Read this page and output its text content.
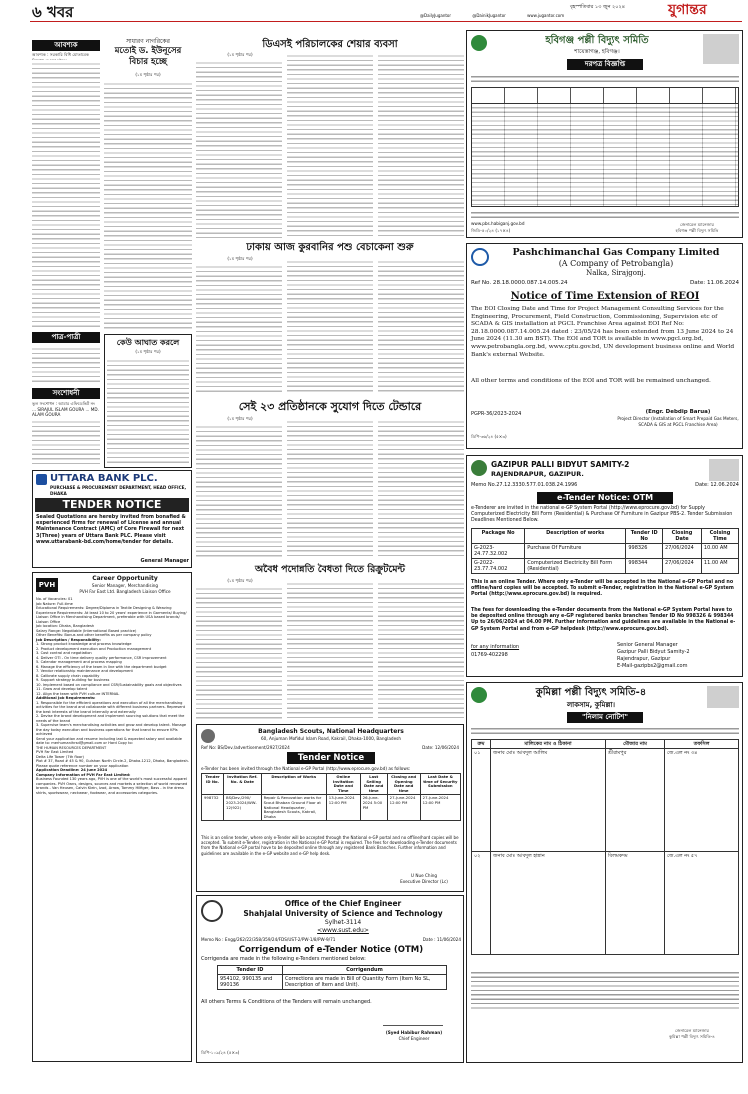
৬ খবর	বৃহস্পতিবার ১৩ জুন ২০২৪	যুগান্তর
@DailyJugantor	@DainikJugantor	www.jugantor.com
আবশ্যক
আবশ্যক : সরকারি বিধি মোতাবেক
পাত্র-পাত্রী
সংশোধনী
ভুল সংশোধন : আমার এফিডেভিট নং ... SIRAJUL ISLAM GOURA ... MD. ALAM GOURA
সাধারণ নাগরিকের
মতোই ড. ইউনূসের বিচার হচ্ছে
(১ম পৃষ্ঠার পর)
কেউ আঘাত করলে
(১ম পৃষ্ঠার পর)
ডিএসই পরিচালকের শেয়ার ব্যবসা
(১ম পৃষ্ঠার পর)
ঢাকায় আজ কুরবানির পশু বেচাকেনা শুরু
(১ম পৃষ্ঠার পর)
সেই ২৩ প্রতিষ্ঠানকে সুযোগ দিতে টেন্ডারে
(১ম পৃষ্ঠার পর)
অবৈধ পদোন্নতি বৈধতা দিতে রিক্রুটমেন্ট
(১ম পৃষ্ঠার পর)
UTTARA BANK PLC.
PURCHASE & PROCUREMENT DEPARTMENT, HEAD OFFICE, DHAKA
TENDER NOTICE
Sealed Quotations are hereby invited from bonafied & experienced firms for renewal of License and annual Maintenance Contract (AMC) of Core Firewall for next 3(Three) years of Uttara Bank PLC. Please visit www.uttarabank-bd.com/home/tender for details.
General Manager
PVH
Career Opportunity
Senior Manager, Merchandising
PVH Far East Ltd. Bangladesh Liaison Office
No. of Vacancies: 01
Job Nature: Full-time
Educational Requirements: Degree/Diploma in Textile Designing & Weaving
Experience Requirements: At least 10 to 20 years' experience in Garments/ Buying/ Liaison Office in Merchandising Department, preferable with USA based brands/ Liaison Office
Job location: Dhaka, Bangladesh
Salary Range: Negotiable (International Based practice)
Other Benefits: Bonus and other benefits as per company policy
Job Description / Responsibility:
1. Strong product knowledge and process knowledge
2. Product development execution and Production management
3. Cost control and negotiation
4. Deliver OTI - On time delivery quality performance, CSR improvement
5. Calendar management and process mapping
6. Manage the efficiency of the team in line with the department budget
7. Vendor relationship maintenance and development
8. Calibrate supply chain capability
9. Support strategy building for business
10. Implement based on compliance and CSR/Sustainability goals and objectives
11. Grow and develop talent
12. Align the team with PVH culture INTERNAL
Additional Job Requirements:
1. Responsible for the efficient operations and execution of all the merchandising activities for the brand and collaborate with different business partners. Represent the best interests of the brand internally and externally
2. Devise the brand development and implement sourcing solutions that meet the needs of the brand
3. Supervise team's merchandising activities and grow and develop talent. Manage the day today execution and business operations for that brand to ensure KPIs achieved
Send your application and resume including last & expected salary and available date to: merhumanihrsd@gmail.com or Hard Copy to:
THE HUMAN RESOURCES DEPARTMENT
PVH Far East Limited
Delta Life Tower (7th floor)
Plot # 37, Road # 45 & 90, Gulshan North Circle-2, Dhaka-1212, Dhaka, Bangladesh.
Please quote reference number on your application
Application Deadline: 24 June 2024
Company Information of PVH Far East Limited:
Business Founded 130 years ago, PVH is one of the world's most successful apparel companies. PVH Owns, designs, sources and markets a selection of world renowned brands - Van Heusen, Calvin Klein, Izod, Arrow, Tommy Hilfiger, Bass - in the dress shirts, sportswear, neckwear, footwear, and accessories categories.
হবিগঞ্জ পল্লী বিদ্যুৎ সমিতি
শায়েস্তাগঞ্জ, হবিগঞ্জ।
দরপত্র বিজ্ঞপ্তি
www.pbs.habiganj.gov.bd
জিডি-৫০/২৪ (১৭×৪)
জেনারেল ম্যানেজার
হবিগঞ্জ পল্লী বিদ্যুৎ সমিতি
Pashchimanchal Gas Company Limited
(A Company of Petrobangla)
Nalka, Sirajgonj.
Ref No. 28.18.0000.087.14.005.24	Date: 11.06.2024
Notice of Time Extension of REOI
The EOI Closing Date and Time for Project Management Consulting Services for the Engineering, Procurement, Field Construction, Commissioning, Supervision etc of SCADA & GIS installation at PGCL Franchise Area against EOI Ref No: 28.18.0000.087.14.005.24 dated : 23/05/24 has been extended from 13 June 2024 to 24 June 2024 (11.30 am BST). The EOI and TOR is available in www.pgcl.org.bd, www.petrobangla.org.bd, www.cptu.gov.bd, UN development business online and World Bank's external Website.
All other terms and conditions of the EOI and TOR will be remained unchanged.
PGPR-36/2023-2024	(Engr. Debdip Barua)
Project Director (Installation of Smart Prepaid Gas Meters, SCADA & GIS at PGCL Franchise Area)
ডিপি-৩৬/২৪ (৫×৩)
GAZIPUR PALLI BIDYUT SAMITY-2
RAJENDRAPUR, GAZIPUR.
Memo No.27.12.3330.577.01.038.24.1996	Date: 12.06.2024
e-Tender Notice: OTM
e-Tenderer are invited in the national e-GP System Portal (http://www.eprocure.gov.bd) for Supply Computerized Electricity Bill Form (Residential) & Purchase Of Furniture in Gazipur PBS-2. Tender Submission Deadlines Mentioned Below.
Package No	Description of works	Tender ID No	Closing Date	Colsing Time
G-2023-24.77.32.002	Purchase Of Furniture	998326	27/06/2024	10.00 AM
G-2022-23.77.74.002	Computerized Electricity Bill Form (Residential)	998344	27/06/2024	11.00 AM
This is an online Tender. Where only e-Tender will be accepted in the National e-GP Portal and no offline/hard copies will be accepted. To submit e-Tender, registration in the National e-GP System Portal (http://www.eprocure.gov.bd) is required.
The fees for downloading the e-Tender documents from the National e-GP System Portal have to be deposited online through any e-GP registered banks branches Tender ID No 998326 & 998344 Up to 26/06/2024 at 04.00 PM. Further information and guidelines are available in the National e-GP System Portal and from e-GP helpdesk (http://www.eprocure.gov.bd).
for any information
01769-402298
Senior General Manager
Gazipur Palli Bidyut Samity-2
Rajendrapur, Gazipur
E-Mail-gazipbs2@gmail.com
Bangladesh Scouts, National Headquarters
60, Anjuman Mofidul Islam Road, Kakrail, Dhaka-1000, Bangladesh
Ref No: BS/Dev./advertisement/2927/2024	Date: 12/06/2024
Tender Notice
e-Tender has been invited through the National e-GP Portal (http://www.eprocure.gov.bd) as follows:
Tender ID No.	Invitation Ref. No. & Date	Description of Works	Online Invitation Date and Time	Last Selling Date and time	Closing and Opening Date and time	Last Date & time of Security Submission
998732	BS/Dev./290/ 2023-2024/WW-12(922)	Repair & Renovation works for Scout Bhaban Ground Floor at National Headquarter, Bangladesh Scouts, Kakrail, Dhaka	13-June-2024 12:00 PM	26-June-2024 5:00 PM	27-June-2024 12:00 PM	27-June-2024 12:00 PM
This is an online tender, where only e-Tender will be accepted through the National e-GP portal and no offline/hard copies will be accepted. To submit e-Tender, registration in the National e-GP Portal is required. The fees for downloading e-Tender documents from the National e-GP portal have to be deposited online through any registered Bank Branches. Further information and guidelines are available in the e-GP website and e-GP help desk.
U Nue Ching
Executive Director (Lc)
Office of the Chief Engineer
Shahjalal University of Science and Technology
Sylhet-3114
<www.sust.edu>
Memo No : Engg/262/22/358/359/24/FDS/UST-2/PW-1/8/PW-9/71	Date : 11/06/2024
Corrigendum of e-Tender Notice (OTM)
Corrigenda are made in the following e-Tenders mentioned below:
Tender ID	Corrigendum
954102, 990135 and 990136	Corrections are made in Bill of Quantity Form (Item No SL, Description of Item and Unit).
All others Terms & Conditions of the Tenders will remain unchanged.
(Syed Habibur Rahman)
Chief Engineer
ডিপি-১০৯/২৪ (৫×৩)
কুমিল্লা পল্লী বিদ্যুৎ সমিতি-৪
লাকসাম, কুমিল্লা।
"নিলাম নোটিশ"
ক্রম	মালিকের নাম ও ঠিকানা	মৌজার নাম	তফসিল
০১	জনাব মোঃ আবদুল আলিম	শ্রীরামপুর	জে.এল নং ৩৪
০২	জনাব মোঃ আবদুল হান্নান	বিলমকদম	জে.এল নং ৫৭
জেনারেল ম্যানেজার
কুমিল্লা পল্লী বিদ্যুৎ সমিতি-৪
